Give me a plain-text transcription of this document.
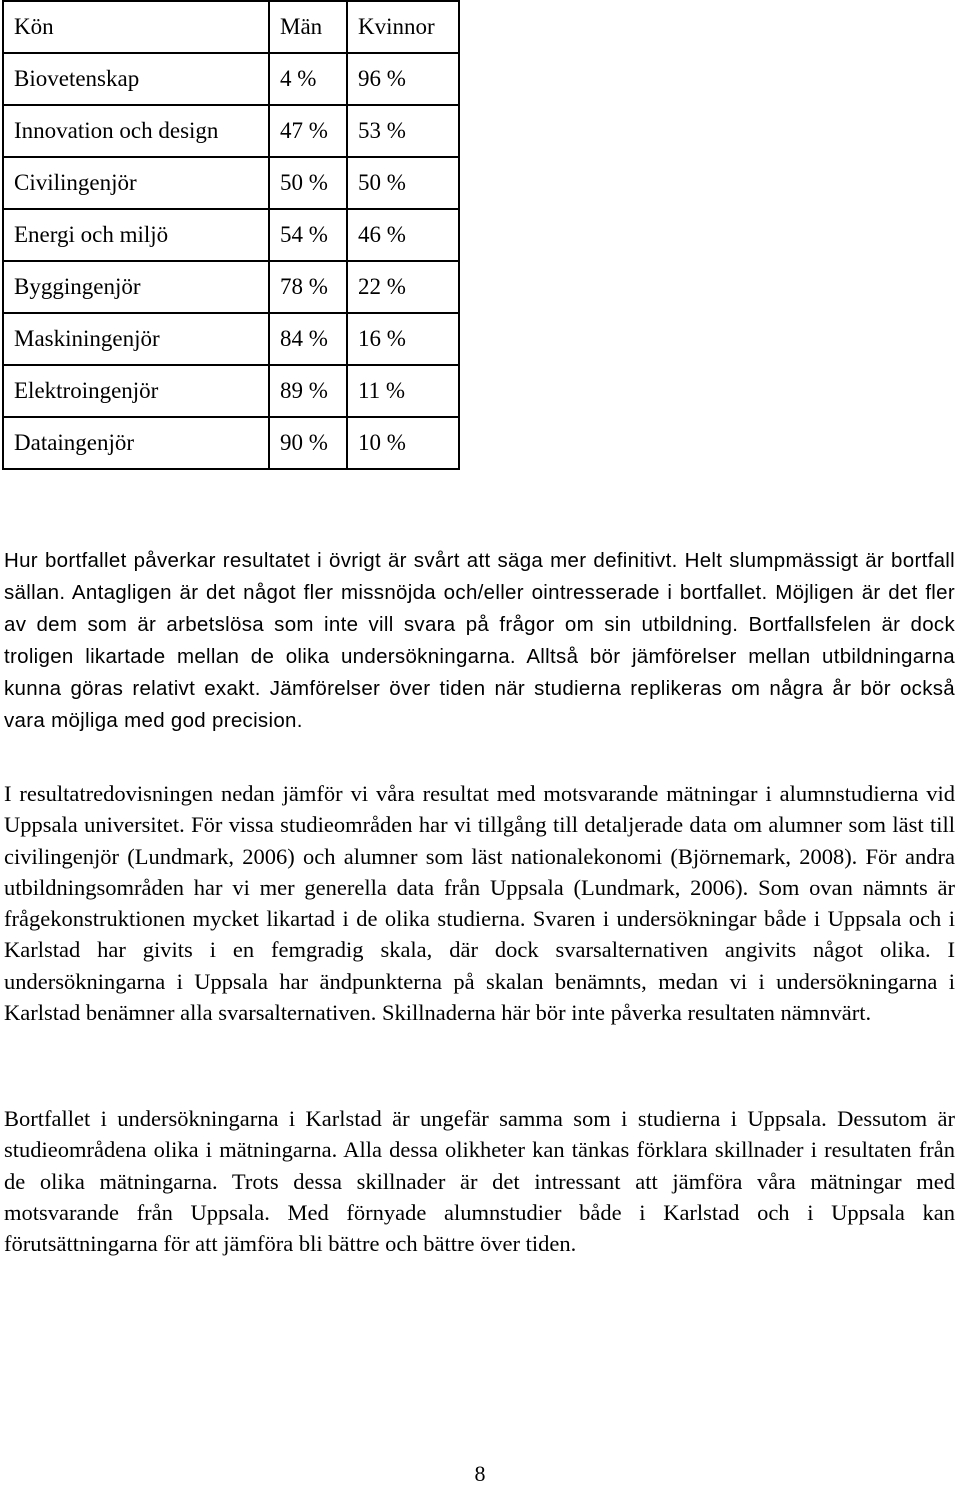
Kön	Män	Kvinnor
Biovetenskap	4 %	96 %
Innovation och design	47 %	53 %
Civilingenjör	50 %	50 %
Energi och miljö	54 %	46 %
Byggingenjör	78 %	22 %
Maskiningenjör	84 %	16 %
Elektroingenjör	89 %	11 %
Dataingenjör	90 %	10 %

Hur bortfallet påverkar resultatet i övrigt är svårt att säga mer definitivt. Helt slumpmässigt är bortfall sällan. Antagligen är det något fler missnöjda och/eller ointresserade i bortfallet. Möjligen är det fler av dem som är arbetslösa som inte vill svara på frågor om sin utbildning. Bortfallsfelen är dock troligen likartade mellan de olika undersökningarna. Alltså bör jämförelser mellan utbildningarna kunna göras relativt exakt. Jämförelser över tiden när studierna replikeras om några år bör också vara möjliga med god precision.

I resultatredovisningen nedan jämför vi våra resultat med motsvarande mätningar i alumnstudierna vid Uppsala universitet. För vissa studieområden har vi tillgång till detaljerade data om alumner som läst till civilingenjör (Lundmark, 2006) och alumner som läst nationalekonomi (Björnemark, 2008). För andra utbildningsområden har vi mer generella data från Uppsala (Lundmark, 2006). Som ovan nämnts är frågekonstruktionen mycket likartad i de olika studierna. Svaren i undersökningar både i Uppsala och i Karlstad har givits i en femgradig skala, där dock svarsalternativen angivits något olika. I undersökningarna i Uppsala har ändpunkterna på skalan benämnts, medan vi i undersökningarna i Karlstad benämner alla svarsalternativen. Skillnaderna här bör inte påverka resultaten nämnvärt.

Bortfallet i undersökningarna i Karlstad är ungefär samma som i studierna i Uppsala. Dessutom är studieområdena olika i mätningarna. Alla dessa olikheter kan tänkas förklara skillnader i resultaten från de olika mätningarna. Trots dessa skillnader är det intressant att jämföra våra mätningar med motsvarande från Uppsala. Med förnyade alumnstudier både i Karlstad och i Uppsala kan förutsättningarna för att jämföra bli bättre och bättre över tiden.

8
